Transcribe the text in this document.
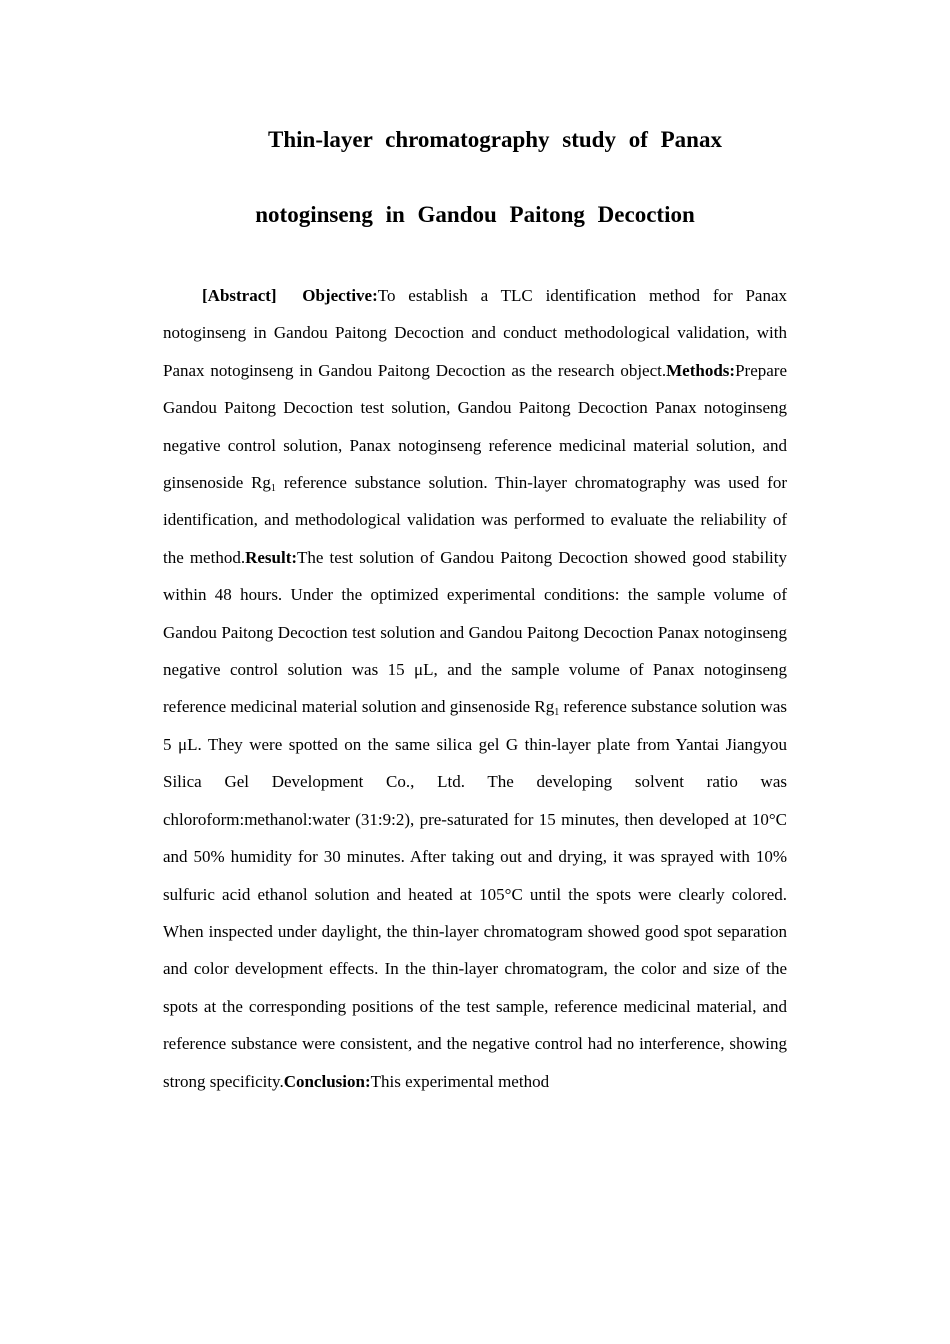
Thin-layer chromatography study of Panax
notoginseng in Gandou Paitong Decoction

[Abstract] Objective:To establish a TLC identification method for Panax notoginseng in Gandou Paitong Decoction and conduct methodological validation, with Panax notoginseng in Gandou Paitong Decoction as the research object.Methods:Prepare Gandou Paitong Decoction test solution, Gandou Paitong Decoction Panax notoginseng negative control solution, Panax notoginseng reference medicinal material solution, and ginsenoside $Rg_1$ reference substance solution. Thin-layer chromatography was used for identification, and methodological validation was performed to evaluate the reliability of the method.Result:The test solution of Gandou Paitong Decoction showed good stability within 48 hours. Under the optimized experimental conditions: the sample volume of Gandou Paitong Decoction test solution and Gandou Paitong Decoction Panax notoginseng negative control solution was 15 μL, and the sample volume of Panax notoginseng reference medicinal material solution and ginsenoside $Rg_1$ reference substance solution was 5 μL. They were spotted on the same silica gel G thin-layer plate from Yantai Jiangyou Silica Gel Development Co., Ltd. The developing solvent ratio was chloroform:methanol:water (31:9:2), pre-saturated for 15 minutes, then developed at 10°C and 50% humidity for 30 minutes. After taking out and drying, it was sprayed with 10% sulfuric acid ethanol solution and heated at 105°C until the spots were clearly colored. When inspected under daylight, the thin-layer chromatogram showed good spot separation and color development effects. In the thin-layer chromatogram, the color and size of the spots at the corresponding positions of the test sample, reference medicinal material, and reference substance were consistent, and the negative control had no interference, showing strong specificity.Conclusion:This experimental method
